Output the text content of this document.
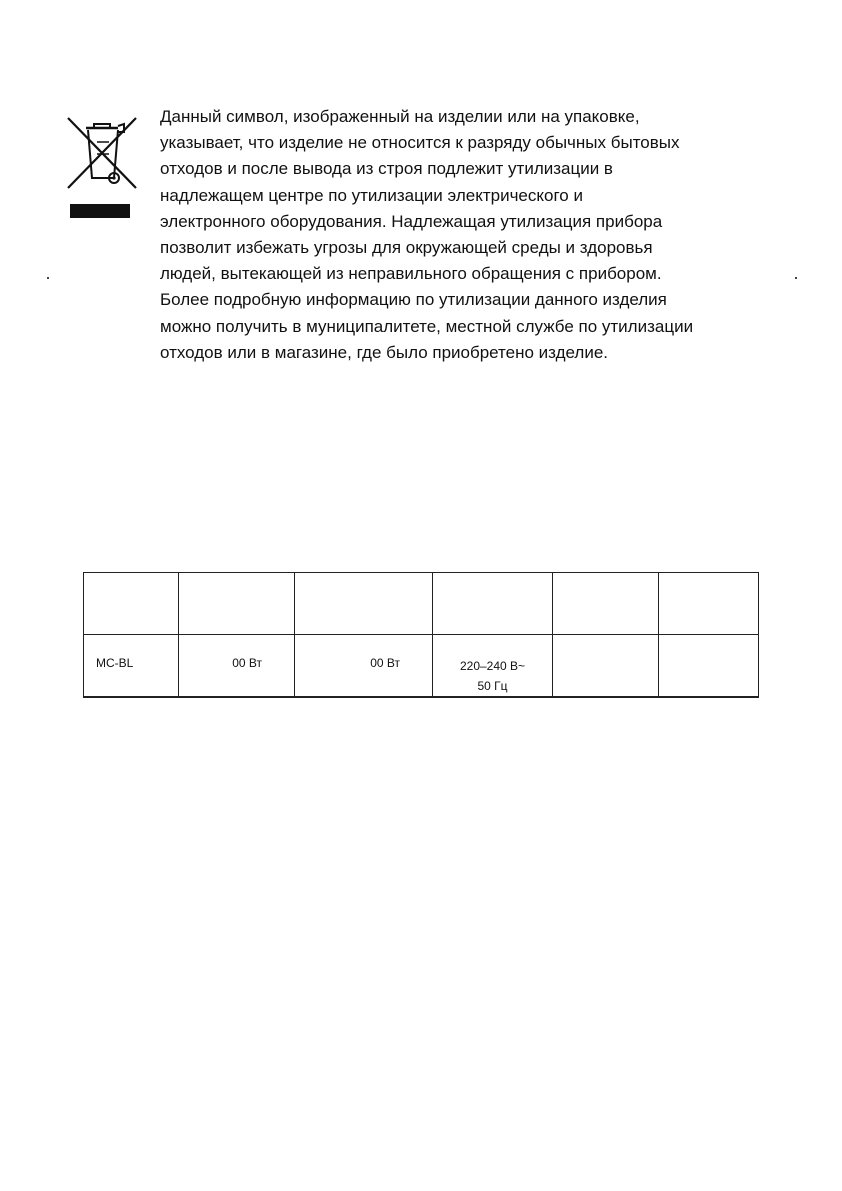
Данный символ, изображенный на изделии или на упаковке,
указывает, что изделие не относится к разряду обычных бытовых
отходов и после вывода из строя подлежит утилизации в
надлежащем центре по утилизации электрического и
электронного оборудования. Надлежащая утилизация прибора
позволит избежать угрозы для окружающей среды и здоровья
людей, вытекающей из неправильного обращения с прибором.
Более подробную информацию по утилизации данного изделия
можно получить в муниципалитете, местной службе по утилизации
отходов или в магазине, где было приобретено изделие.

MC-BL	00 Вт	00 Вт	220–240 В~
50 Гц		
